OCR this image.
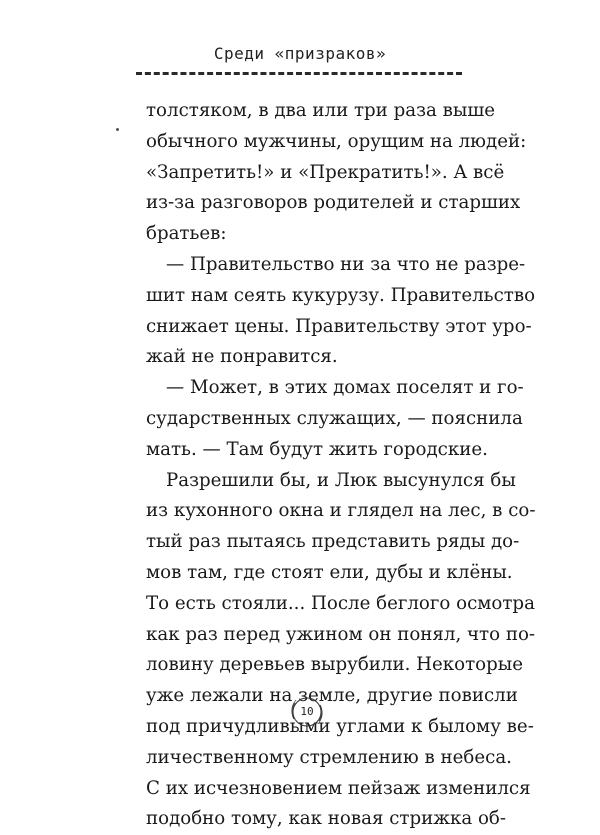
Среди «призраков»
толстяком, в два или три раза выше
обычного мужчины, орущим на людей:
«Запретить!» и «Прекратить!». А всё
из-за разговоров родителей и старших
братьев:
— Правительство ни за что не разре-
шит нам сеять кукурузу. Правительство
снижает цены. Правительству этот уро-
жай не понравится.
— Может, в этих домах поселят и го-
сударственных служащих, — пояснила
мать. — Там будут жить городские.
Разрешили бы, и Люк высунулся бы
из кухонного окна и глядел на лес, в со-
тый раз пытаясь представить ряды до-
мов там, где стоят ели, дубы и клёны.
То есть стояли... После беглого осмотра
как раз перед ужином он понял, что по-
ловину деревьев вырубили. Некоторые
уже лежали на земле, другие повисли
под причудливыми углами к былому ве-
личественному стремлению в небеса.
С их исчезновением пейзаж изменился
подобно тому, как новая стрижка об-
10
